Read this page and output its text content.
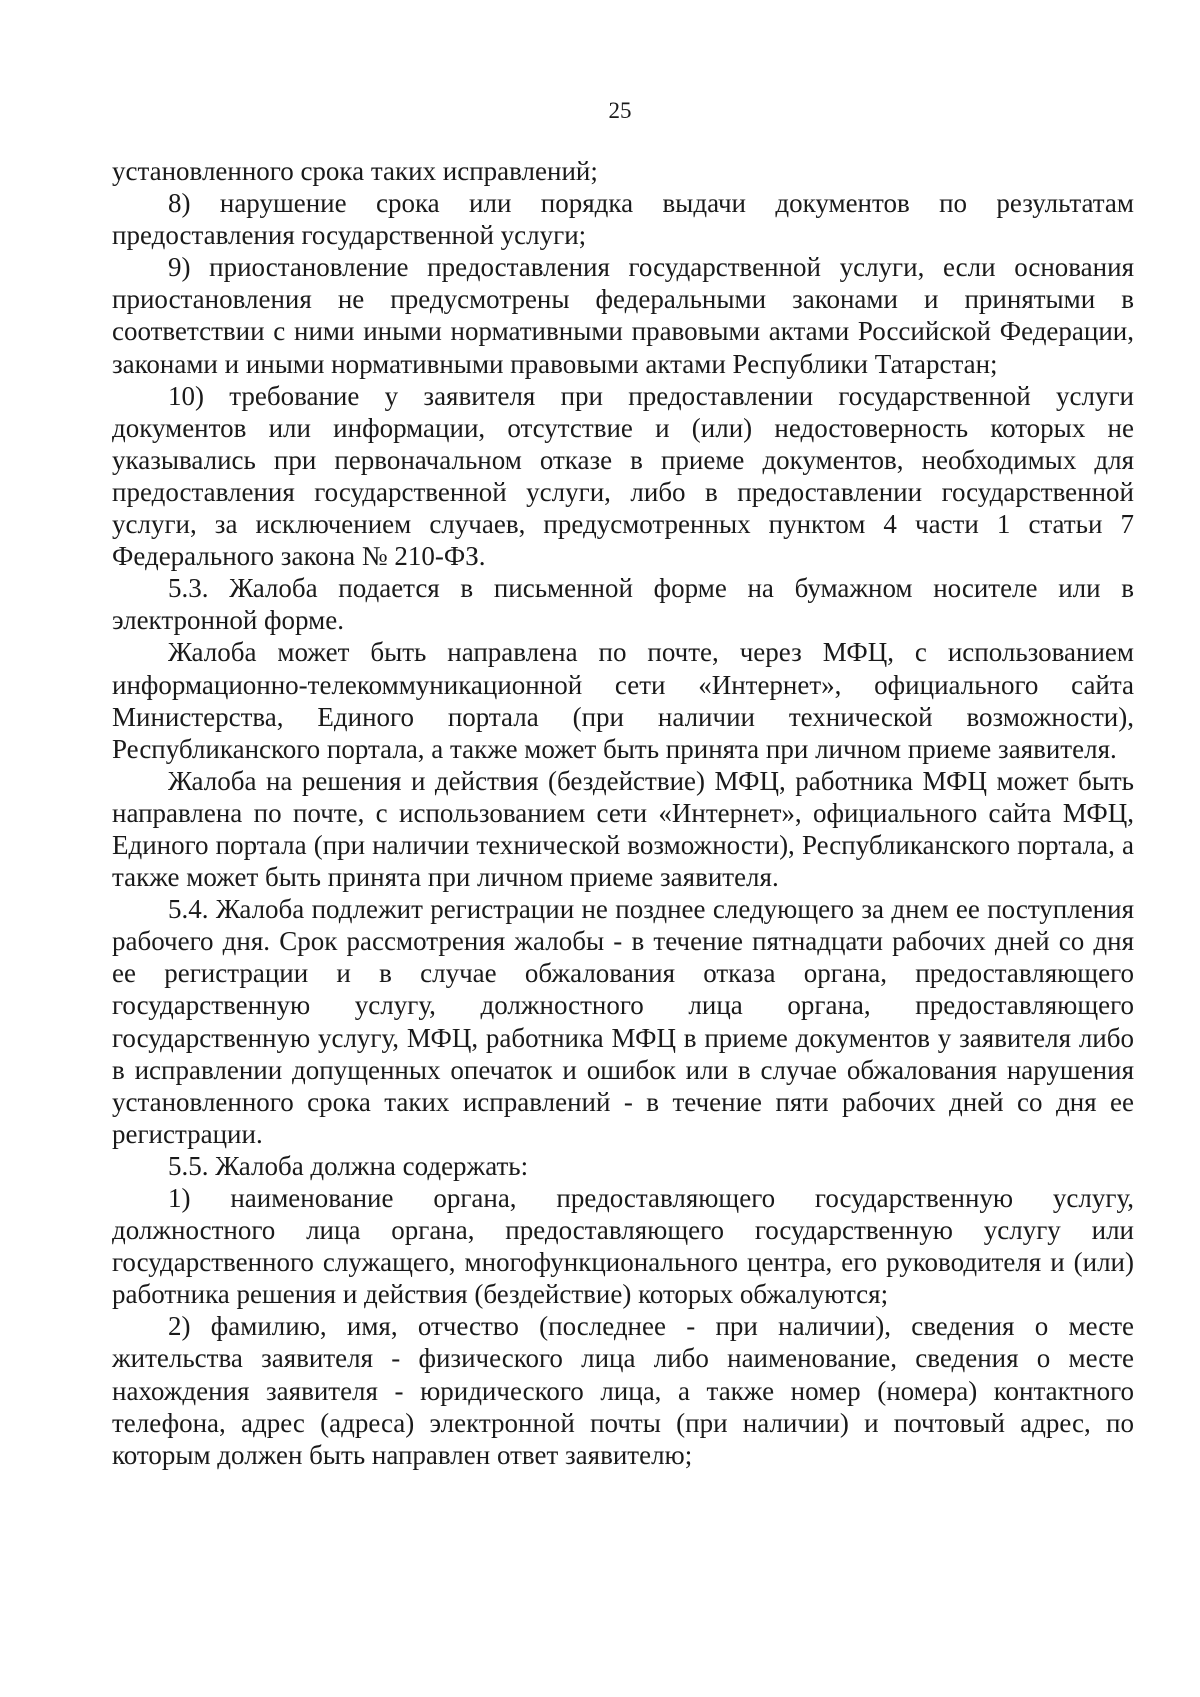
25

установленного срока таких исправлений;

8) нарушение срока или порядка выдачи документов по результатам предоставления государственной услуги;

9) приостановление предоставления государственной услуги, если основания приостановления не предусмотрены федеральными законами и принятыми в соответствии с ними иными нормативными правовыми актами Российской Федерации, законами и иными нормативными правовыми актами Республики Татарстан;

10) требование у заявителя при предоставлении государственной услуги документов или информации, отсутствие и (или) недостоверность которых не указывались при первоначальном отказе в приеме документов, необходимых для предоставления государственной услуги, либо в предоставлении государственной услуги, за исключением случаев, предусмотренных пунктом 4 части 1 статьи 7 Федерального закона № 210-ФЗ.

5.3. Жалоба подается в письменной форме на бумажном носителе или в электронной форме.

Жалоба может быть направлена по почте, через МФЦ, с использованием информационно-телекоммуникационной сети «Интернет», официального сайта Министерства, Единого портала (при наличии технической возможности), Республиканского портала, а также может быть принята при личном приеме заявителя.

Жалоба на решения и действия (бездействие) МФЦ, работника МФЦ может быть направлена по почте, с использованием сети «Интернет», официального сайта МФЦ, Единого портала (при наличии технической возможности), Республиканского портала, а также может быть принята при личном приеме заявителя.

5.4. Жалоба подлежит регистрации не позднее следующего за днем ее поступления рабочего дня. Срок рассмотрения жалобы - в течение пятнадцати рабочих дней со дня ее регистрации и в случае обжалования отказа органа, предоставляющего государственную услугу, должностного лица органа, предоставляющего государственную услугу, МФЦ, работника МФЦ в приеме документов у заявителя либо в исправлении допущенных опечаток и ошибок или в случае обжалования нарушения установленного срока таких исправлений - в течение пяти рабочих дней со дня ее регистрации.

5.5. Жалоба должна содержать:

1) наименование органа, предоставляющего государственную услугу, должностного лица органа, предоставляющего государственную услугу или государственного служащего, многофункционального центра, его руководителя и (или) работника решения и действия (бездействие) которых обжалуются;

2) фамилию, имя, отчество (последнее - при наличии), сведения о месте жительства заявителя - физического лица либо наименование, сведения о месте нахождения заявителя - юридического лица, а также номер (номера) контактного телефона, адрес (адреса) электронной почты (при наличии) и почтовый адрес, по которым должен быть направлен ответ заявителю;
